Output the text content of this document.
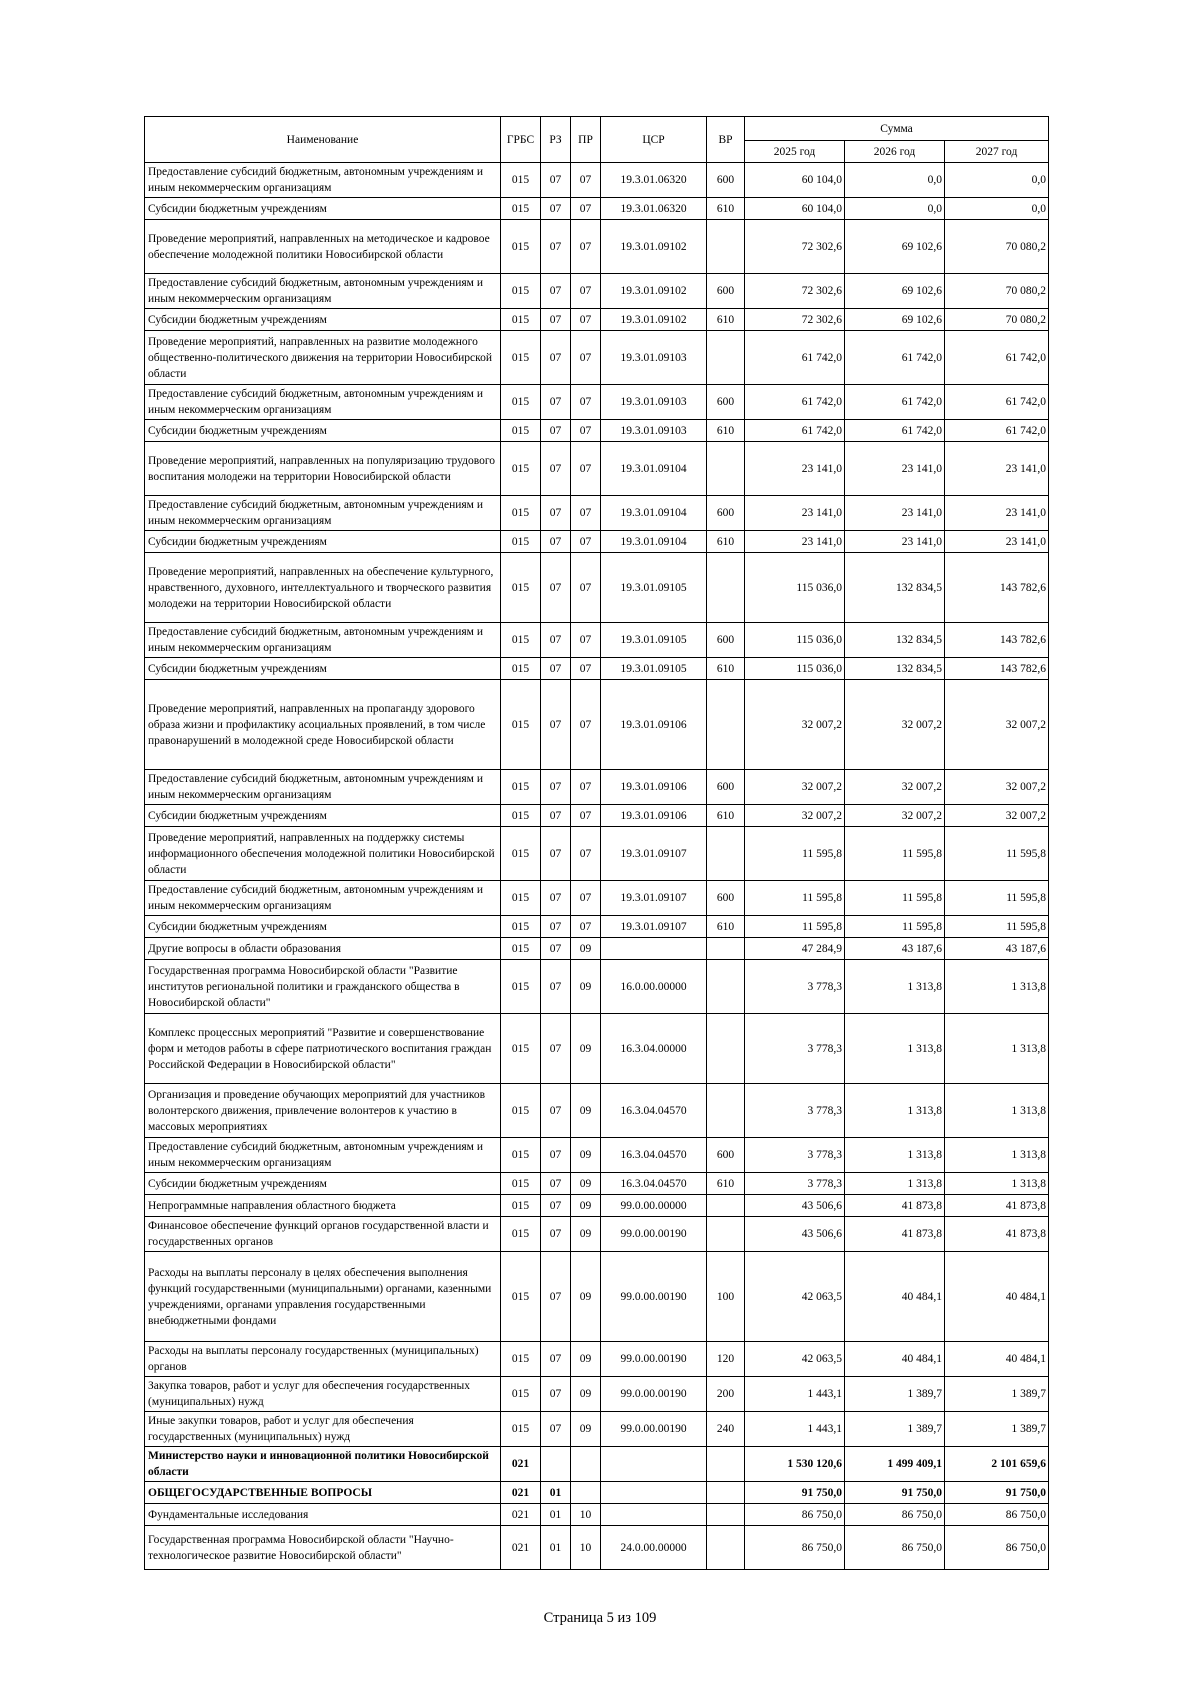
Наименование	ГРБС	РЗ	ПР	ЦСР	ВР	Сумма		
						2025 год	2026 год	2027 год
Предоставление субсидий бюджетным, автономным учреждениям и иным некоммерческим организациям	015	07	07	19.3.01.06320	600	60 104,0	0,0	0,0
Субсидии бюджетным учреждениям	015	07	07	19.3.01.06320	610	60 104,0	0,0	0,0
Проведение мероприятий, направленных на методическое и кадровое обеспечение молодежной политики Новосибирской области	015	07	07	19.3.01.09102		72 302,6	69 102,6	70 080,2
Предоставление субсидий бюджетным, автономным учреждениям и иным некоммерческим организациям	015	07	07	19.3.01.09102	600	72 302,6	69 102,6	70 080,2
Субсидии бюджетным учреждениям	015	07	07	19.3.01.09102	610	72 302,6	69 102,6	70 080,2
Проведение мероприятий, направленных на развитие молодежного общественно-политического движения на территории Новосибирской области	015	07	07	19.3.01.09103		61 742,0	61 742,0	61 742,0
Предоставление субсидий бюджетным, автономным учреждениям и иным некоммерческим организациям	015	07	07	19.3.01.09103	600	61 742,0	61 742,0	61 742,0
Субсидии бюджетным учреждениям	015	07	07	19.3.01.09103	610	61 742,0	61 742,0	61 742,0
Проведение мероприятий, направленных на популяризацию трудового воспитания молодежи на территории Новосибирской области	015	07	07	19.3.01.09104		23 141,0	23 141,0	23 141,0
Предоставление субсидий бюджетным, автономным учреждениям и иным некоммерческим организациям	015	07	07	19.3.01.09104	600	23 141,0	23 141,0	23 141,0
Субсидии бюджетным учреждениям	015	07	07	19.3.01.09104	610	23 141,0	23 141,0	23 141,0
Проведение мероприятий, направленных на обеспечение культурного, нравственного, духовного, интеллектуального и творческого развития молодежи на территории Новосибирской области	015	07	07	19.3.01.09105		115 036,0	132 834,5	143 782,6
Предоставление субсидий бюджетным, автономным учреждениям и иным некоммерческим организациям	015	07	07	19.3.01.09105	600	115 036,0	132 834,5	143 782,6
Субсидии бюджетным учреждениям	015	07	07	19.3.01.09105	610	115 036,0	132 834,5	143 782,6
Проведение мероприятий, направленных на пропаганду здорового образа жизни и профилактику асоциальных проявлений, в том числе правонарушений в молодежной среде Новосибирской области	015	07	07	19.3.01.09106		32 007,2	32 007,2	32 007,2
Предоставление субсидий бюджетным, автономным учреждениям и иным некоммерческим организациям	015	07	07	19.3.01.09106	600	32 007,2	32 007,2	32 007,2
Субсидии бюджетным учреждениям	015	07	07	19.3.01.09106	610	32 007,2	32 007,2	32 007,2
Проведение мероприятий, направленных на поддержку системы информационного обеспечения молодежной политики Новосибирской области	015	07	07	19.3.01.09107		11 595,8	11 595,8	11 595,8
Предоставление субсидий бюджетным, автономным учреждениям и иным некоммерческим организациям	015	07	07	19.3.01.09107	600	11 595,8	11 595,8	11 595,8
Субсидии бюджетным учреждениям	015	07	07	19.3.01.09107	610	11 595,8	11 595,8	11 595,8
Другие вопросы в области образования	015	07	09			47 284,9	43 187,6	43 187,6
Государственная программа Новосибирской области "Развитие институтов региональной политики и гражданского общества в Новосибирской области"	015	07	09	16.0.00.00000		3 778,3	1 313,8	1 313,8
Комплекс процессных мероприятий "Развитие и совершенствование форм и методов работы в сфере патриотического воспитания граждан Российской Федерации в Новосибирской области"	015	07	09	16.3.04.00000		3 778,3	1 313,8	1 313,8
Организация и проведение обучающих мероприятий для участников волонтерского движения, привлечение волонтеров к участию в массовых мероприятиях	015	07	09	16.3.04.04570		3 778,3	1 313,8	1 313,8
Предоставление субсидий бюджетным, автономным учреждениям и иным некоммерческим организациям	015	07	09	16.3.04.04570	600	3 778,3	1 313,8	1 313,8
Субсидии бюджетным учреждениям	015	07	09	16.3.04.04570	610	3 778,3	1 313,8	1 313,8
Непрограммные направления областного бюджета	015	07	09	99.0.00.00000		43 506,6	41 873,8	41 873,8
Финансовое обеспечение функций органов государственной власти и государственных органов	015	07	09	99.0.00.00190		43 506,6	41 873,8	41 873,8
Расходы на выплаты персоналу в целях обеспечения выполнения функций государственными (муниципальными) органами, казенными учреждениями, органами управления государственными внебюджетными фондами	015	07	09	99.0.00.00190	100	42 063,5	40 484,1	40 484,1
Расходы на выплаты персоналу государственных (муниципальных) органов	015	07	09	99.0.00.00190	120	42 063,5	40 484,1	40 484,1
Закупка товаров, работ и услуг для обеспечения государственных (муниципальных) нужд	015	07	09	99.0.00.00190	200	1 443,1	1 389,7	1 389,7
Иные закупки товаров, работ и услуг для обеспечения государственных (муниципальных) нужд	015	07	09	99.0.00.00190	240	1 443,1	1 389,7	1 389,7
Министерство науки и инновационной политики Новосибирской области	021					1 530 120,6	1 499 409,1	2 101 659,6
ОБЩЕГОСУДАРСТВЕННЫЕ ВОПРОСЫ	021	01				91 750,0	91 750,0	91 750,0
Фундаментальные исследования	021	01	10			86 750,0	86 750,0	86 750,0
Государственная программа Новосибирской области "Научно-технологическое развитие Новосибирской области"	021	01	10	24.0.00.00000		86 750,0	86 750,0	86 750,0
Страница 5 из 109
